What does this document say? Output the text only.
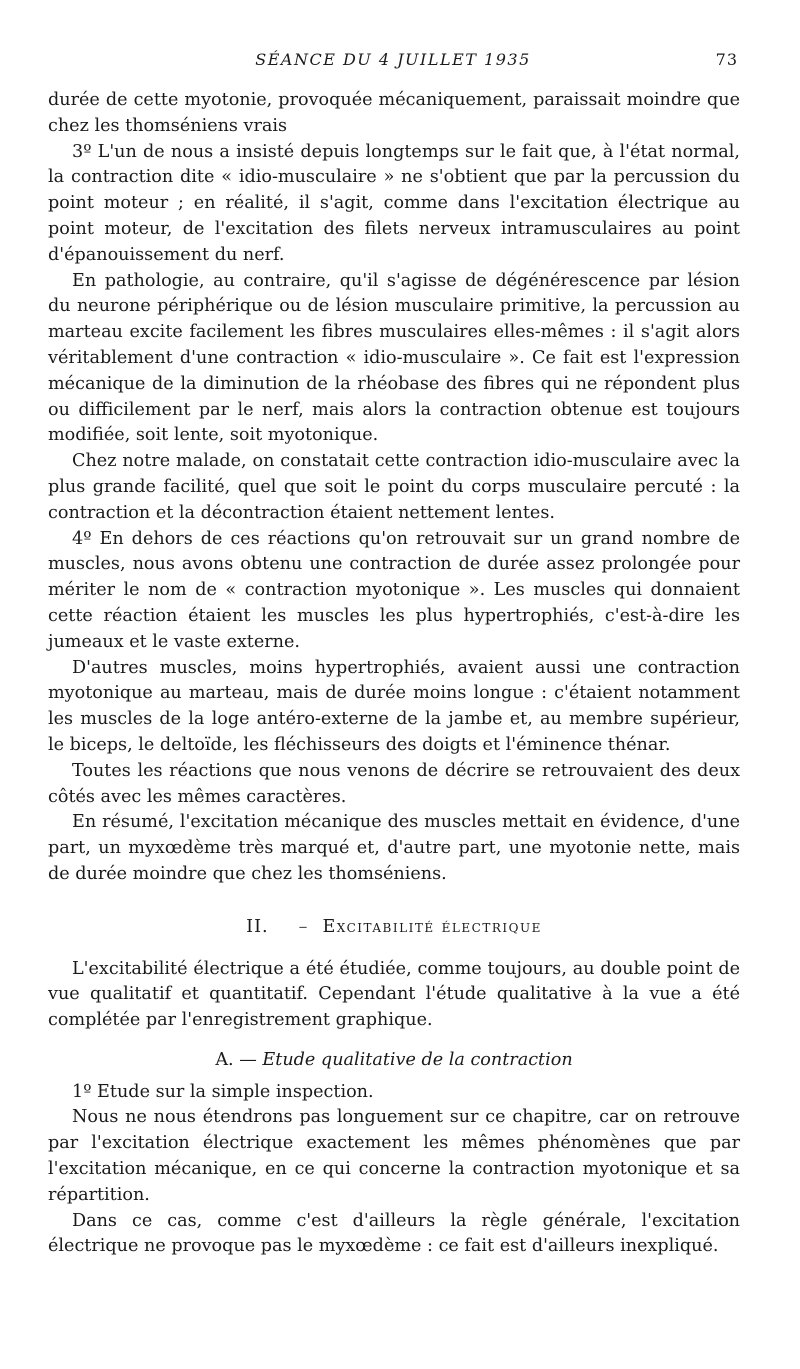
SÉANCE DU 4 JUILLET 1935	73

durée de cette myotonie, provoquée mécaniquement, paraissait moindre que chez les thomséniens vrais

3º L'un de nous a insisté depuis longtemps sur le fait que, à l'état normal, la contraction dite « idio-musculaire » ne s'obtient que par la percussion du point moteur ; en réalité, il s'agit, comme dans l'excitation électrique au point moteur, de l'excitation des filets nerveux intramusculaires au point d'épanouissement du nerf.

En pathologie, au contraire, qu'il s'agisse de dégénérescence par lésion du neurone périphérique ou de lésion musculaire primitive, la percussion au marteau excite facilement les fibres musculaires elles-mêmes : il s'agit alors véritablement d'une contraction « idio-musculaire ». Ce fait est l'expression mécanique de la diminution de la rhéobase des fibres qui ne répondent plus ou difficilement par le nerf, mais alors la contraction obtenue est toujours modifiée, soit lente, soit myotonique.

Chez notre malade, on constatait cette contraction idio-musculaire avec la plus grande facilité, quel que soit le point du corps musculaire percuté : la contraction et la décontraction étaient nettement lentes.

4º En dehors de ces réactions qu'on retrouvait sur un grand nombre de muscles, nous avons obtenu une contraction de durée assez prolongée pour mériter le nom de « contraction myotonique ». Les muscles qui donnaient cette réaction étaient les muscles les plus hypertrophiés, c'est-à-dire les jumeaux et le vaste externe.

D'autres muscles, moins hypertrophiés, avaient aussi une contraction myotonique au marteau, mais de durée moins longue : c'étaient notamment les muscles de la loge antéro-externe de la jambe et, au membre supérieur, le biceps, le deltoïde, les fléchisseurs des doigts et l'éminence thénar.

Toutes les réactions que nous venons de décrire se retrouvaient des deux côtés avec les mêmes caractères.

En résumé, l'excitation mécanique des muscles mettait en évidence, d'une part, un myxœdème très marqué et, d'autre part, une myotonie nette, mais de durée moindre que chez les thomséniens.

II. – Excitabilité électrique

L'excitabilité électrique a été étudiée, comme toujours, au double point de vue qualitatif et quantitatif. Cependant l'étude qualitative à la vue a été complétée par l'enregistrement graphique.

A. — Etude qualitative de la contraction

1º Etude sur la simple inspection.

Nous ne nous étendrons pas longuement sur ce chapitre, car on retrouve par l'excitation électrique exactement les mêmes phénomènes que par l'excitation mécanique, en ce qui concerne la contraction myotonique et sa répartition.

Dans ce cas, comme c'est d'ailleurs la règle générale, l'excitation électrique ne provoque pas le myxœdème : ce fait est d'ailleurs inexpliqué.
